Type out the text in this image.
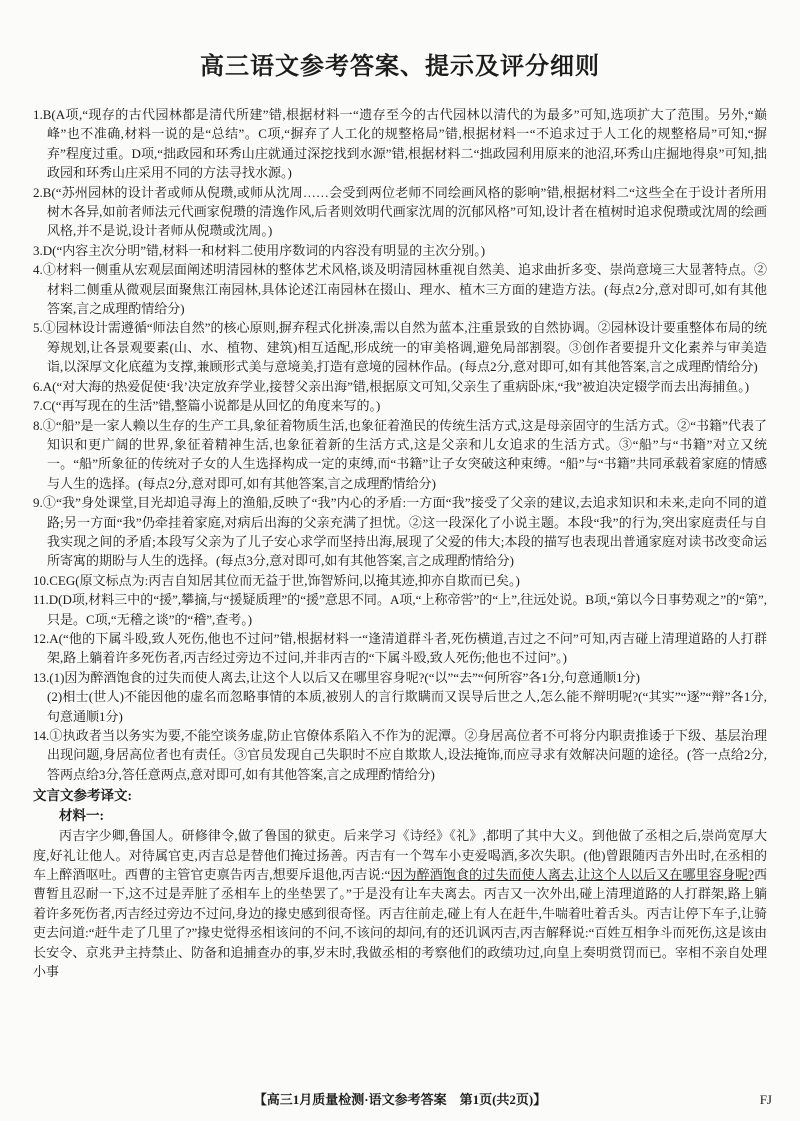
高三语文参考答案、提示及评分细则

1.B(A项,“现存的古代园林都是清代所建”错,根据材料一“遗存至今的古代园林以清代的为最多”可知,选项扩大了范围。另外,“巅峰”也不准确,材料一说的是“总结”。C项,“摒弃了人工化的规整格局”错,根据材料一“不追求过于人工化的规整格局”可知,“摒弃”程度过重。D项,“拙政园和环秀山庄就通过深挖找到水源”错,根据材料二“拙政园利用原来的池沼,环秀山庄掘地得泉”可知,拙政园和环秀山庄采用不同的方法寻找水源。)

2.B(“苏州园林的设计者或师从倪瓒,或师从沈周……会受到两位老师不同绘画风格的影响”错,根据材料二“这些全在于设计者所用树木各异,如前者师法元代画家倪瓒的清逸作风,后者则效明代画家沈周的沉郁风格”可知,设计者在植树时追求倪瓒或沈周的绘画风格,并不是说,设计者师从倪瓒或沈周。)

3.D(“内容主次分明”错,材料一和材料二使用序数词的内容没有明显的主次分别。)

4.①材料一侧重从宏观层面阐述明清园林的整体艺术风格,谈及明清园林重视自然美、追求曲折多变、崇尚意境三大显著特点。②材料二侧重从微观层面聚焦江南园林,具体论述江南园林在掇山、理水、植木三方面的建造方法。(每点2分,意对即可,如有其他答案,言之成理酌情给分)

5.①园林设计需遵循“师法自然”的核心原则,摒弃程式化拼凑,需以自然为蓝本,注重景致的自然协调。②园林设计要重整体布局的统筹规划,让各景观要素(山、水、植物、建筑)相互适配,形成统一的审美格调,避免局部割裂。③创作者要提升文化素养与审美造诣,以深厚文化底蕴为支撑,兼顾形式美与意境美,打造有意境的园林作品。(每点2分,意对即可,如有其他答案,言之成理酌情给分)

6.A(“对大海的热爱促使‘我’决定放弃学业,接替父亲出海”错,根据原文可知,父亲生了重病卧床,“我”被迫决定辍学而去出海捕鱼。)

7.C(“再写现在的生活”错,整篇小说都是从回忆的角度来写的。)

8.①“船”是一家人赖以生存的生产工具,象征着物质生活,也象征着渔民的传统生活方式,这是母亲固守的生活方式。②“书籍”代表了知识和更广阔的世界,象征着精神生活,也象征着新的生活方式,这是父亲和儿女追求的生活方式。③“船”与“书籍”对立又统一。“船”所象征的传统对子女的人生选择构成一定的束缚,而“书籍”让子女突破这种束缚。“船”与“书籍”共同承载着家庭的情感与人生的选择。(每点2分,意对即可,如有其他答案,言之成理酌情给分)

9.①“我”身处课堂,目光却追寻海上的渔船,反映了“我”内心的矛盾:一方面“我”接受了父亲的建议,去追求知识和未来,走向不同的道路;另一方面“我”仍牵挂着家庭,对病后出海的父亲充满了担忧。②这一段深化了小说主题。本段“我”的行为,突出家庭责任与自我实现之间的矛盾;本段写父亲为了儿子安心求学而坚持出海,展现了父爱的伟大;本段的描写也表现出普通家庭对读书改变命运所寄寓的期盼与人生的选择。(每点3分,意对即可,如有其他答案,言之成理酌情给分)

10.CEG(原文标点为:丙吉自知居其位而无益于世,饰智矫问,以掩其迹,抑亦自欺而已矣。)

11.D(D项,材料三中的“援”,攀摘,与“援疑质理”的“援”意思不同。A项,“上称帝喾”的“上”,往远处说。B项,“第以今日事势观之”的“第”,只是。C项,“无稽之谈”的“稽”,查考。)

12.A(“他的下属斗殴,致人死伤,他也不过问”错,根据材料一“逢清道群斗者,死伤横道,吉过之不问”可知,丙吉碰上清理道路的人打群架,路上躺着许多死伤者,丙吉经过旁边不过问,并非丙吉的“下属斗殴,致人死伤;他也不过问”。)

13.(1)因为醉酒饱食的过失而使人离去,让这个人以后又在哪里容身呢?(“以”“去”“何所容”各1分,句意通顺1分)

(2)相士(世人)不能因他的虚名而忽略事情的本质,被别人的言行欺瞒而又误导后世之人,怎么能不辩明呢?(“其实”“逐”“辩”各1分,句意通顺1分)

14.①执政者当以务实为要,不能空谈务虚,防止官僚体系陷入不作为的泥潭。②身居高位者不可将分内职责推诿于下级、基层治理出现问题,身居高位者也有责任。③官员发现自己失职时不应自欺欺人,设法掩饰,而应寻求有效解决问题的途径。(答一点给2分,答两点给3分,答任意两点,意对即可,如有其他答案,言之成理酌情给分)

文言文参考译文:

材料一:

丙吉字少卿,鲁国人。研修律令,做了鲁国的狱吏。后来学习《诗经》《礼》,都明了其中大义。到他做了丞相之后,崇尚宽厚大度,好礼让他人。对待属官吏,丙吉总是替他们掩过扬善。丙吉有一个驾车小吏爱喝酒,多次失职。(他)曾跟随丙吉外出时,在丞相的车上醉酒呕吐。西曹的主管官吏禀告丙吉,想要斥退他,丙吉说:“因为醉酒饱食的过失而使人离去,让这个人以后又在哪里容身呢?西曹暂且忍耐一下,这不过是弄脏了丞相车上的坐垫罢了。”于是没有让车夫离去。丙吉又一次外出,碰上清理道路的人打群架,路上躺着许多死伤者,丙吉经过旁边不过问,身边的掾史感到很奇怪。丙吉往前走,碰上有人在赶牛,牛喘着吐着舌头。丙吉让停下车子,让骑吏去问道:“赶牛走了几里了?”掾史觉得丞相该问的不问,不该问的却问,有的还讥讽丙吉,丙吉解释说:“百姓互相争斗而死伤,这是该由长安令、京兆尹主持禁止、防备和追捕查办的事,岁末时,我做丞相的考察他们的政绩功过,向皇上奏明赏罚而已。宰相不亲自处理小事

【高三1月质量检测·语文参考答案　第1页(共2页)】	FJ
